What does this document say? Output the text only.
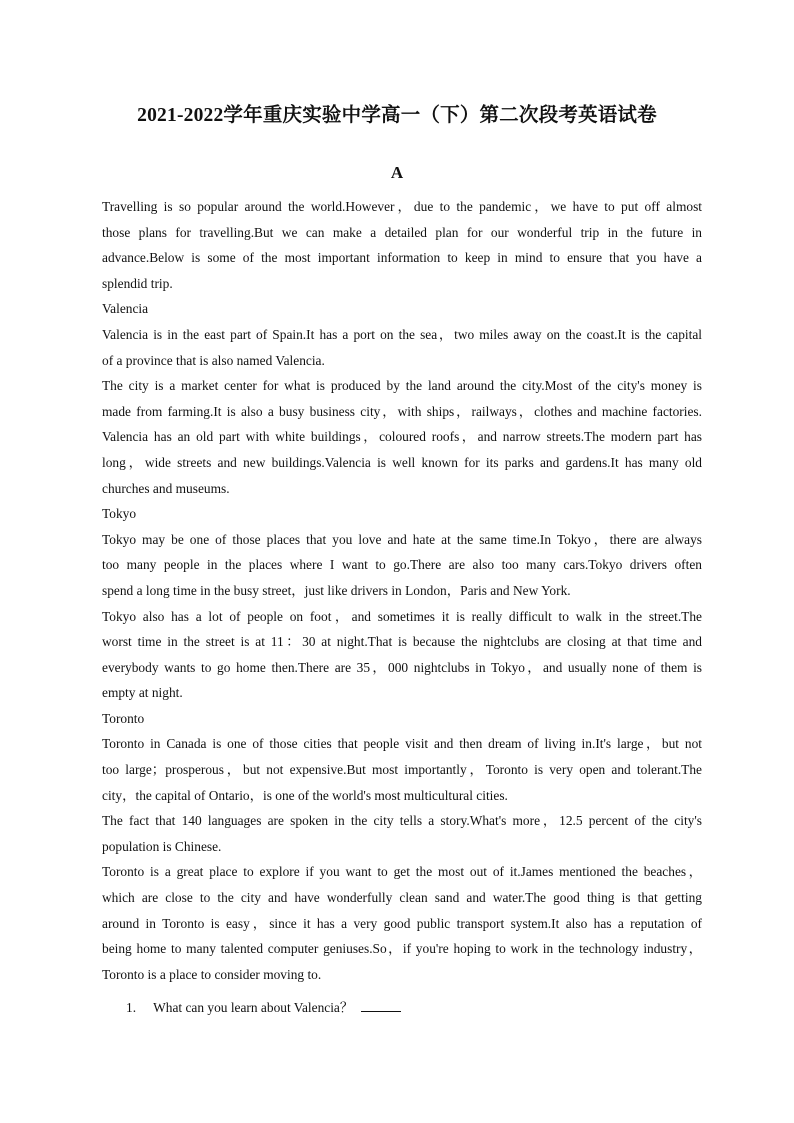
2021-2022学年重庆实验中学高一（下）第二次段考英语试卷
A
Travelling is so popular around the world.However，due to the pandemic，we have to put off almost
those plans for travelling.But we can make a detailed plan for our wonderful trip in the future in
advance.Below is some of the most important information to keep in mind to ensure that you have a
splendid trip.
Valencia
Valencia is in the east part of Spain.It has a port on the sea，two miles away on the coast.It is the capital
of a province that is also named Valencia.
The city is a market center for what is produced by the land around the city.Most of the city's money is
made from farming.It is also a busy business city，with ships，railways，clothes and machine factories.
Valencia has an old part with white buildings，coloured roofs，and narrow streets.The modern part has
long，wide streets and new buildings.Valencia is well known for its parks and gardens.It has many old
churches and museums.
Tokyo
Tokyo may be one of those places that you love and hate at the same time.In Tokyo，there are always
too many people in the places where I want to go.There are also too many cars.Tokyo drivers often
spend a long time in the busy street，just like drivers in London，Paris and New York.
Tokyo also has a lot of people on foot，and sometimes it is really difficult to walk in the street.The
worst time in the street is at 11：30 at night.That is because the nightclubs are closing at that time and
everybody wants to go home then.There are 35，000 nightclubs in Tokyo，and usually none of them is
empty at night.
Toronto
Toronto in Canada is one of those cities that people visit and then dream of living in.It's large，but not
too large；prosperous，but not expensive.But most importantly，Toronto is very open and tolerant.The
city，the capital of Ontario，is one of the world's most multicultural cities.
The fact that 140 languages are spoken in the city tells a story.What's more，12.5 percent of the city's
population is Chinese.
Toronto is a great place to explore if you want to get the most out of it.James mentioned the beaches，
which are close to the city and have wonderfully clean sand and water.The good thing is that getting
around in Toronto is easy，since it has a very good public transport system.It also has a reputation of
being home to many talented computer geniuses.So，if you're hoping to work in the technology industry，
Toronto is a place to consider moving to.
1. What can you learn about Valencia？
